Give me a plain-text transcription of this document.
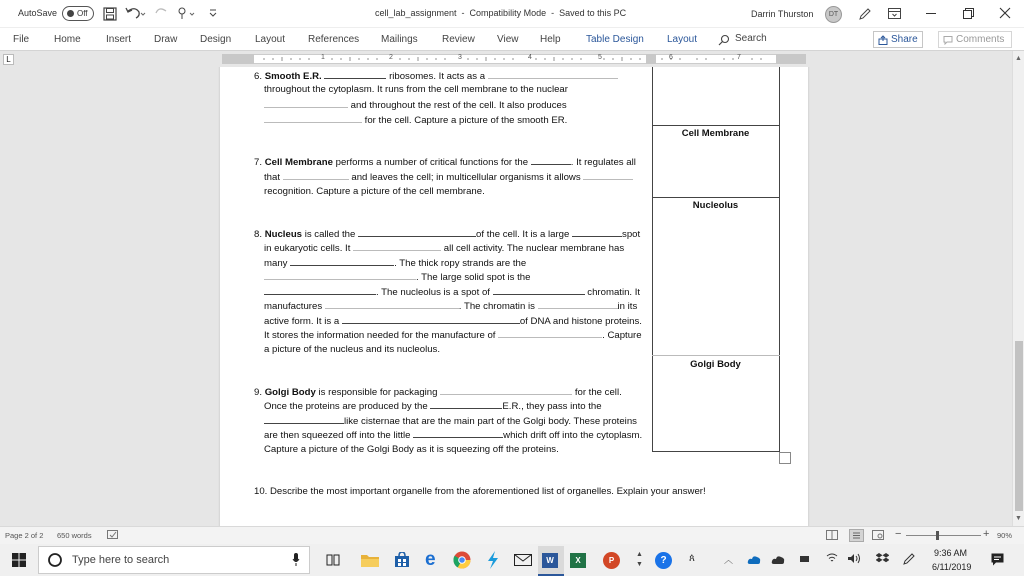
AutoSave Off	cell_lab_assignment  -  Compatibility Mode  -  Saved to this PC	Darrin Thurston	DT
File	Home	Insert	Draw	Design	Layout	References	Mailings	Review	View	Help	Table Design	Layout	Search	Share	Comments
L	1	2	3	4	5	6	7
6. Smooth E.R.	ribosomes. It acts as a
throughout the cytoplasm. It runs from the cell membrane to the nuclear
and throughout the rest of the cell. It also produces
for the cell. Capture a picture of the smooth ER.
7. Cell Membrane performs a number of critical functions for the	. It regulates all
that	and leaves the cell; in multicellular organisms it allows
recognition. Capture a picture of the cell membrane.
8. Nucleus is called the	of the cell. It is a large	spot
in eukaryotic cells. It	all cell activity. The nuclear membrane has
many	. The thick ropy strands are the
. The large solid spot is the
. The nucleolus is a spot of	chromatin. It
manufactures	. The chromatin is	in its
active form. It is a	of DNA and histone proteins.
It stores the information needed for the manufacture of	. Capture
a picture of the nucleus and its nucleolus.
9. Golgi Body is responsible for packaging	for the cell.
Once the proteins are produced by the	E.R., they pass into the
like cisternae that are the main part of the Golgi body. These proteins
are then squeezed off into the little	which drift off into the cytoplasm.
Capture a picture of the Golgi Body as it is squeezing off the proteins.
10. Describe the most important organelle from the aforementioned list of organelles. Explain your answer!
Cell Membrane
Nucleolus
Golgi Body
▲
▼
Page 2 of 2 650 words	−	+ 90%
Type here to search	e	W	X	P
▲
▼	?	ጰ	︿
9:36 AM
6/11/2019
